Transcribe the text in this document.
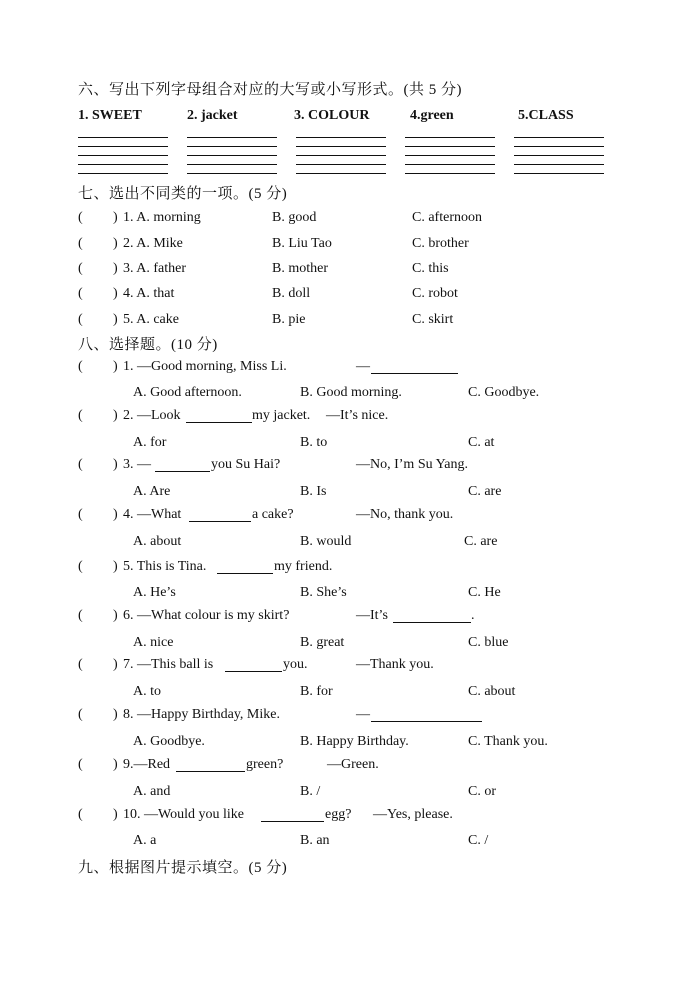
六、写出下列字母组合对应的大写或小写形式。(共 5 分)
1. SWEET	2. jacket	3. COLOUR	4.green	5.CLASS
七、选出不同类的一项。(5 分)
( ) 1. A. morning	B. good	C. afternoon
( ) 2. A. Mike	B. Liu Tao	C. brother
( ) 3. A. father	B. mother	C. this
( ) 4. A. that	B. doll	C. robot
( ) 5. A. cake	B. pie	C. skirt
八、选择题。(10 分)
( ) 1. —Good morning, Miss Li.	—
A. Good afternoon.	B. Good morning.	C. Goodbye.
( ) 2. —Look	my jacket. —It’s nice.
A. for	B. to	C. at
( ) 3. —	you Su Hai?	—No, I’m Su Yang.
A. Are	B. Is	C. are
( ) 4. —What	a cake?	—No, thank you.
A. about	B. would	C. are
( ) 5. This is Tina.	my friend.
A. He’s	B. She’s	C. He
( ) 6. —What colour is my skirt?	—It’s	.
A. nice	B. great	C. blue
( ) 7. —This ball is	you.	—Thank you.
A. to	B. for	C. about
( ) 8. —Happy Birthday, Mike.	—
A. Goodbye.	B. Happy Birthday.	C. Thank you.
( ) 9.—Red	green?	—Green.
A. and	B. /	C. or
( ) 10. —Would you like	egg? —Yes, please.
A. a	B. an	C. /
九、根据图片提示填空。(5 分)
